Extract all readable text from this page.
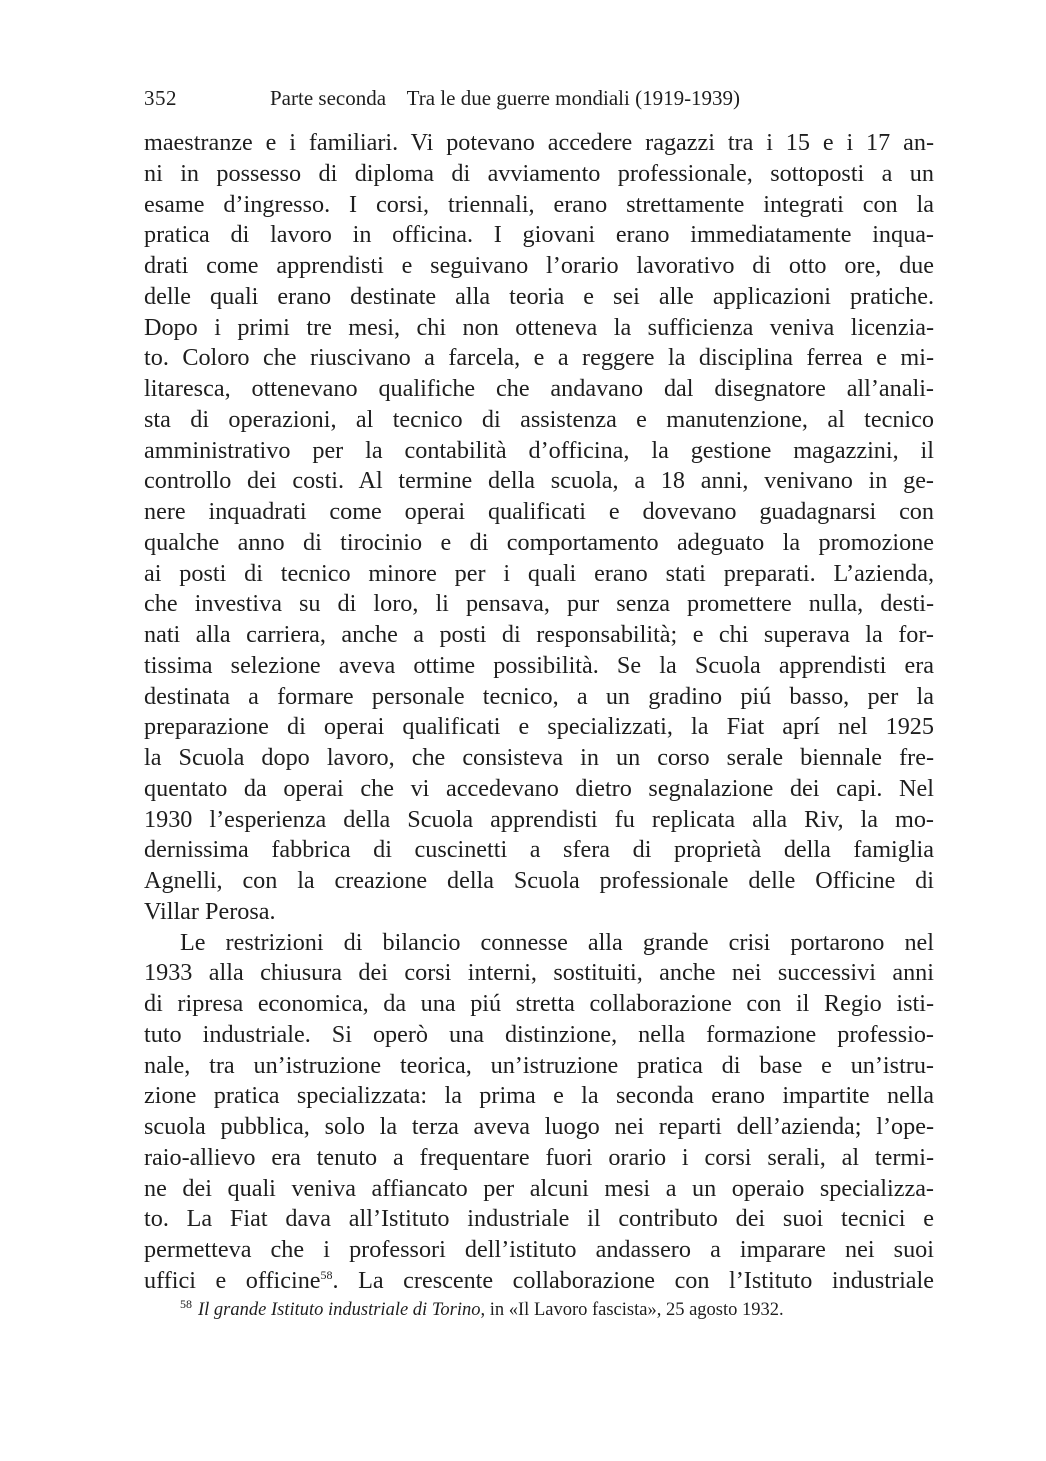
352	Parte seconda    Tra le due guerre mondiali (1919-1939)
maestranze e i familiari. Vi potevano accedere ragazzi tra i 15 e i 17 an-
ni in possesso di diploma di avviamento professionale, sottoposti a un
esame d’ingresso. I corsi, triennali, erano strettamente integrati con la
pratica di lavoro in officina. I giovani erano immediatamente inqua-
drati come apprendisti e seguivano l’orario lavorativo di otto ore, due
delle quali erano destinate alla teoria e sei alle applicazioni pratiche.
Dopo i primi tre mesi, chi non otteneva la sufficienza veniva licenzia-
to. Coloro che riuscivano a farcela, e a reggere la disciplina ferrea e mi-
litaresca, ottenevano qualifiche che andavano dal disegnatore all’anali-
sta di operazioni, al tecnico di assistenza e manutenzione, al tecnico
amministrativo per la contabilità d’officina, la gestione magazzini, il
controllo dei costi. Al termine della scuola, a 18 anni, venivano in ge-
nere inquadrati come operai qualificati e dovevano guadagnarsi con
qualche anno di tirocinio e di comportamento adeguato la promozione
ai posti di tecnico minore per i quali erano stati preparati. L’azienda,
che investiva su di loro, li pensava, pur senza promettere nulla, desti-
nati alla carriera, anche a posti di responsabilità; e chi superava la for-
tissima selezione aveva ottime possibilità. Se la Scuola apprendisti era
destinata a formare personale tecnico, a un gradino piú basso, per la
preparazione di operai qualificati e specializzati, la Fiat aprí nel 1925
la Scuola dopo lavoro, che consisteva in un corso serale biennale fre-
quentato da operai che vi accedevano dietro segnalazione dei capi. Nel
1930 l’esperienza della Scuola apprendisti fu replicata alla Riv, la mo-
dernissima fabbrica di cuscinetti a sfera di proprietà della famiglia
Agnelli, con la creazione della Scuola professionale delle Officine di
Villar Perosa.
Le restrizioni di bilancio connesse alla grande crisi portarono nel
1933 alla chiusura dei corsi interni, sostituiti, anche nei successivi anni
di ripresa economica, da una piú stretta collaborazione con il Regio isti-
tuto industriale. Si operò una distinzione, nella formazione professio-
nale, tra un’istruzione teorica, un’istruzione pratica di base e un’istru-
zione pratica specializzata: la prima e la seconda erano impartite nella
scuola pubblica, solo la terza aveva luogo nei reparti dell’azienda; l’ope-
raio-allievo era tenuto a frequentare fuori orario i corsi serali, al termi-
ne dei quali veniva affiancato per alcuni mesi a un operaio specializza-
to. La Fiat dava all’Istituto industriale il contributo dei suoi tecnici e
permetteva che i professori dell’istituto andassero a imparare nei suoi
uffici e officine$^{58}$. La crescente collaborazione con l’Istituto industriale
$^{58}$ Il grande Istituto industriale di Torino, in «Il Lavoro fascista», 25 agosto 1932.
